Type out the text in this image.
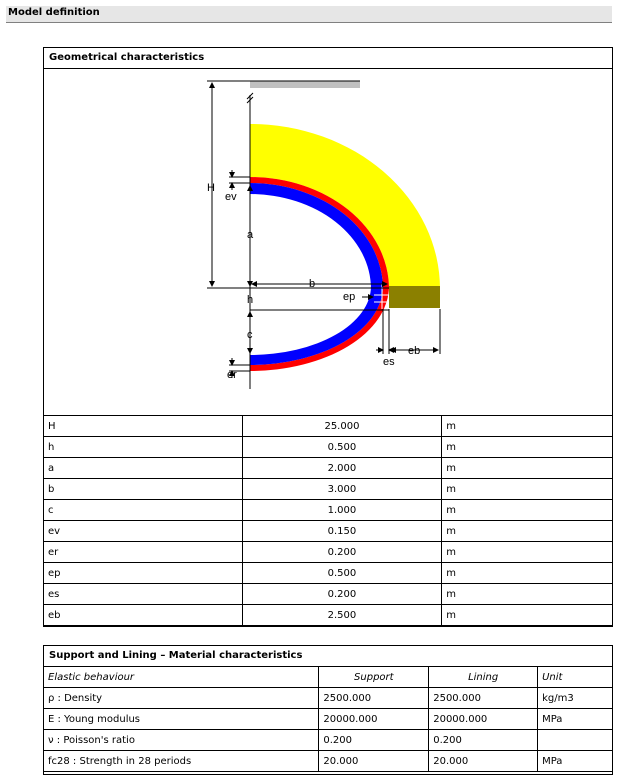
Model definition
Geometrical characteristics
H
ev
a
b
h	ep
c
eb
es
er
H	25.000	m
h	0.500	m
a	2.000	m
b	3.000	m
c	1.000	m
ev	0.150	m
er	0.200	m
ep	0.500	m
es	0.200	m
eb	2.500	m
Support and Lining – Material characteristics
Elastic behaviour	Support	Lining	Unit
ρ : Density	2500.000	2500.000	kg/m3
E : Young modulus	20000.000	20000.000	MPa
ν : Poisson's ratio	0.200	0.200	
fc28 : Strength in 28 periods	20.000	20.000	MPa
